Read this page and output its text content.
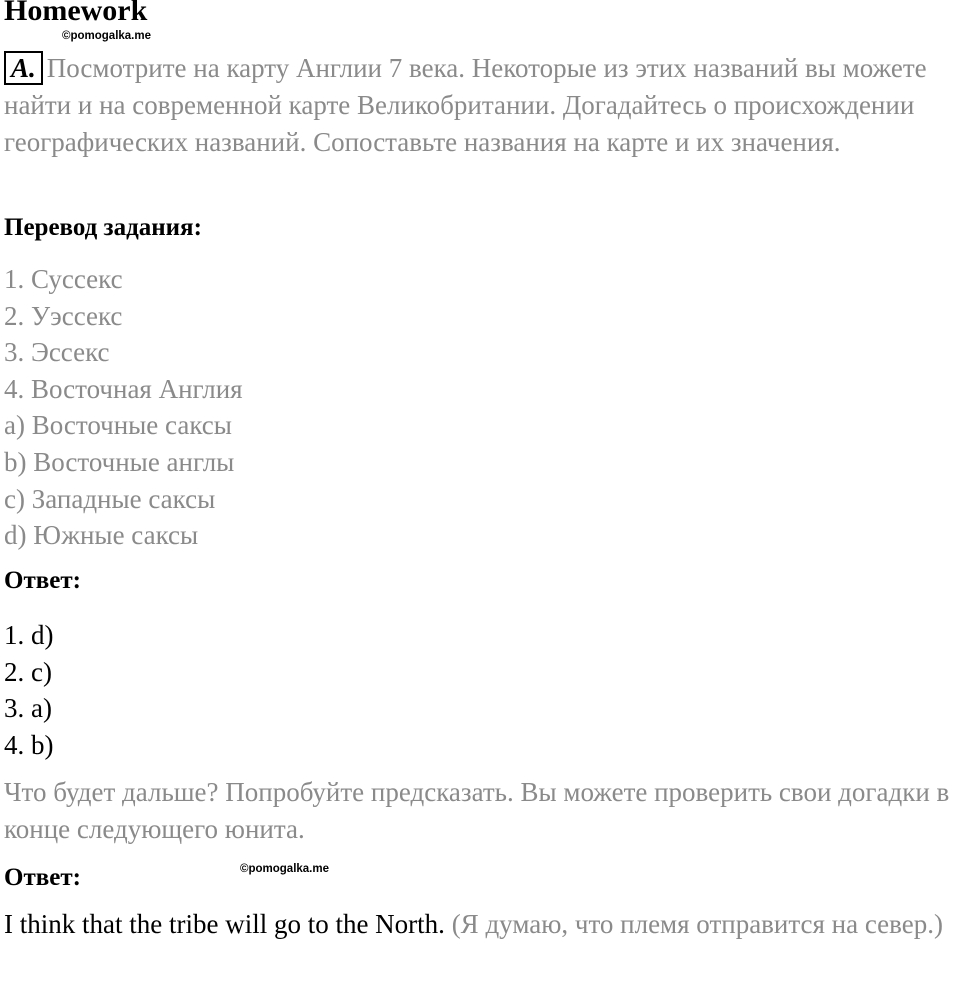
Homework
©pomogalka.me
A. Посмотрите на карту Англии 7 века. Некоторые из этих названий вы можете найти и на современной карте Великобритании. Догадайтесь о происхождении географических названий. Сопоставьте названия на карте и их значения.
Перевод задания:
1. Суссекс
2. Уэссекс
3. Эссекс
4. Восточная Англия
a) Восточные саксы
b) Восточные англы
c) Западные саксы
d) Южные саксы
Ответ:
1. d)
2. c)
3. a)
4. b)
Что будет дальше? Попробуйте предсказать. Вы можете проверить свои догадки в конце следующего юнита.
Ответ:	©pomogalka.me
I think that the tribe will go to the North. (Я думаю, что племя отправится на север.)
